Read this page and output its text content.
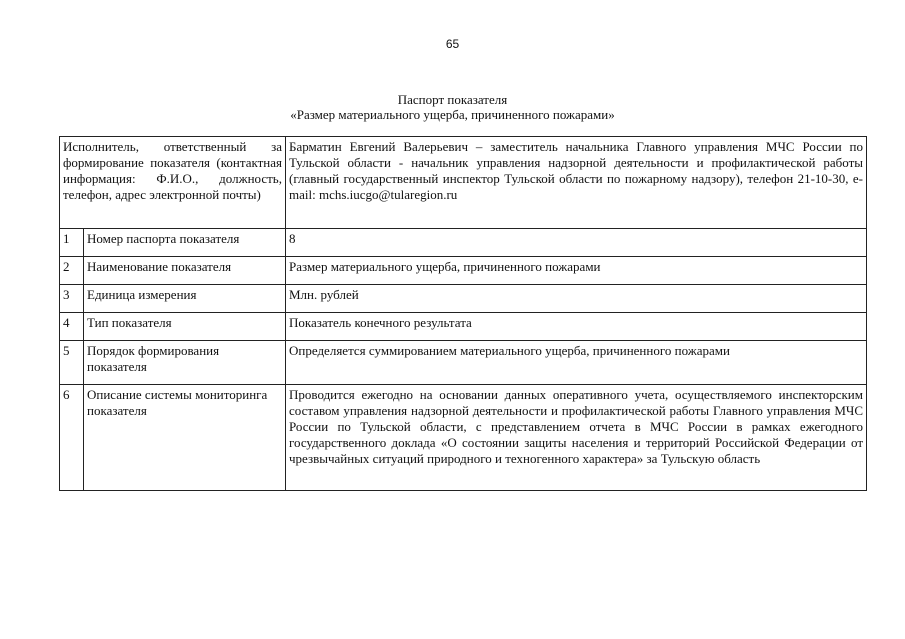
65
Паспорт показателя
«Размер материального ущерба, причиненного пожарами»
Исполнитель, ответственный за формирование показателя (контактная информация: Ф.И.О., должность, телефон, адрес электронной почты)		Барматин Евгений Валерьевич – заместитель начальника Главного управления МЧС России по Тульской области - начальник управления надзорной деятельности и профилактической работы (главный государственный инспектор Тульской области по пожарному надзору), телефон 21-10-30, e-mail: mchs.iucgo@tularegion.ru
1	Номер паспорта показателя	8
2	Наименование показателя	Размер материального ущерба, причиненного пожарами
3	Единица измерения	Млн. рублей
4	Тип показателя	Показатель конечного результата
5	Порядок формирования показателя	Определяется суммированием материального ущерба, причиненного пожарами
6	Описание системы мониторинга показателя	Проводится ежегодно на основании данных оперативного учета, осуществляемого инспекторским составом управления надзорной деятельности и профилактической работы Главного управления МЧС России по Тульской области, с представлением отчета в МЧС России в рамках ежегодного государственного доклада «О состоянии защиты населения и территорий Российской Федерации от чрезвычайных ситуаций природного и техногенного характера» за Тульскую область
